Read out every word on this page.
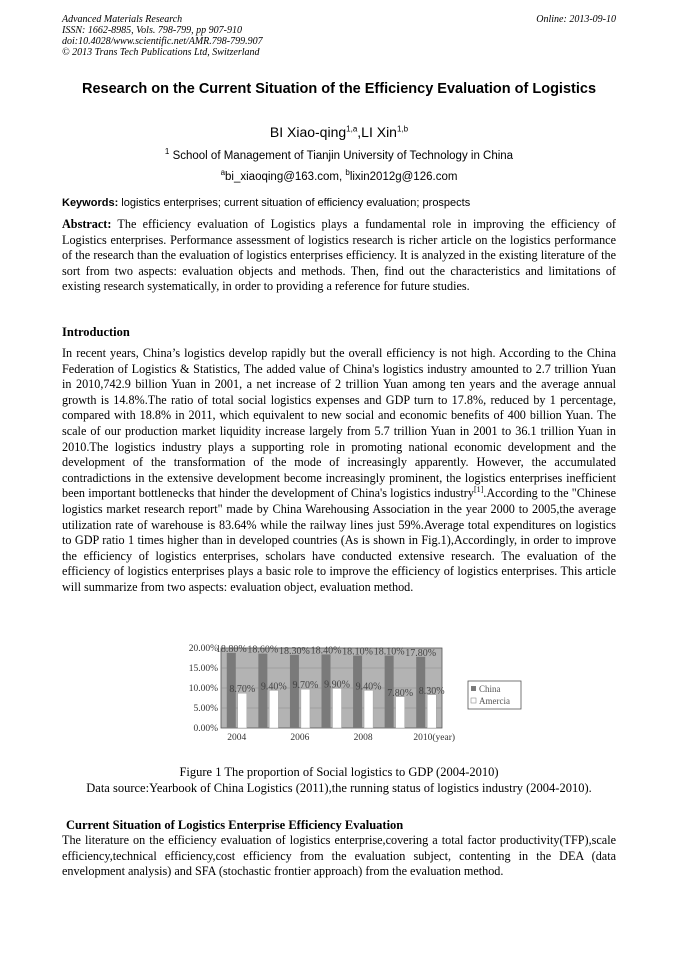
Advanced Materials Research
ISSN: 1662-8985, Vols. 798-799, pp 907-910
doi:10.4028/www.scientific.net/AMR.798-799.907
© 2013 Trans Tech Publications Ltd, Switzerland
Online: 2013-09-10
Research on the Current Situation of the Efficiency Evaluation of Logistics
BI Xiao-qing$^{1,a}$,LI Xin$^{1,b}$
$^1$ School of Management of Tianjin University of Technology in China
$^a$bi_xiaoqing@163.com, $^b$lixin2012g@126.com
Keywords: logistics enterprises; current situation of efficiency evaluation; prospects

Abstract: The efficiency evaluation of Logistics plays a fundamental role in improving the efficiency of Logistics enterprises. Performance assessment of logistics research is richer article on the logistics performance of the research than the evaluation of logistics enterprises efficiency. It is analyzed in the existing literature of the sort from two aspects: evaluation objects and methods. Then, find out the characteristics and limitations of existing research systematically, in order to providing a reference for future studies.

Introduction

In recent years, China’s logistics develop rapidly but the overall efficiency is not high. According to the China Federation of Logistics & Statistics, The added value of China's logistics industry amounted to 2.7 trillion Yuan in 2010,742.9 billion Yuan in 2001, a net increase of 2 trillion Yuan among ten years and the average annual growth is 14.8%.The ratio of total social logistics expenses and GDP turn to 17.8%, reduced by 1 percentage, compared with 18.8% in 2011, which equivalent to new social and economic benefits of 400 billion Yuan. The scale of our production market liquidity increase largely from 5.7 trillion Yuan in 2001 to 36.1 trillion Yuan in 2010.The logistics industry plays a supporting role in promoting national economic development and the development of the transformation of the mode of increasingly apparently. However, the accumulated contradictions in the extensive development become increasingly prominent, the logistics enterprises inefficient been important bottlenecks that hinder the development of China's logistics industry[1].According to the "Chinese logistics market research report" made by China Warehousing Association in the year 2000 to 2005,the average utilization rate of warehouse is 83.64% while the railway lines just 59%.Average total expenditures on logistics to GDP ratio 1 times higher than in developed countries (As is shown in Fig.1),Accordingly, in order to improve the efficiency of logistics enterprises, scholars have conducted extensive research. The evaluation of the efficiency of logistics enterprises plays a basic role to improve the efficiency of logistics enterprises. This article will summarize from two aspects: evaluation object, evaluation method.

18.80%
8.70%
18.60%
9.40%
18.30%
9.70%
18.40%
9.90%
18.10%
9.40%
18.10%
7.80%
17.80%
8.30%
0.00%
5.00%
10.00%
15.00%
20.00%
2004	2006	2008	2010(year)
China
Amercia
Figure 1 The proportion of Social logistics to GDP (2004-2010)
Data source:Yearbook of China Logistics (2011),the running status of logistics industry (2004-2010).
Current Situation of Logistics Enterprise Efficiency Evaluation

The literature on the efficiency evaluation of logistics enterprise,covering a total factor productivity(TFP),scale efficiency,technical efficiency,cost efficiency from the evaluation subject, contenting in the DEA (data envelopment analysis) and SFA (stochastic frontier approach) from the evaluation method.
